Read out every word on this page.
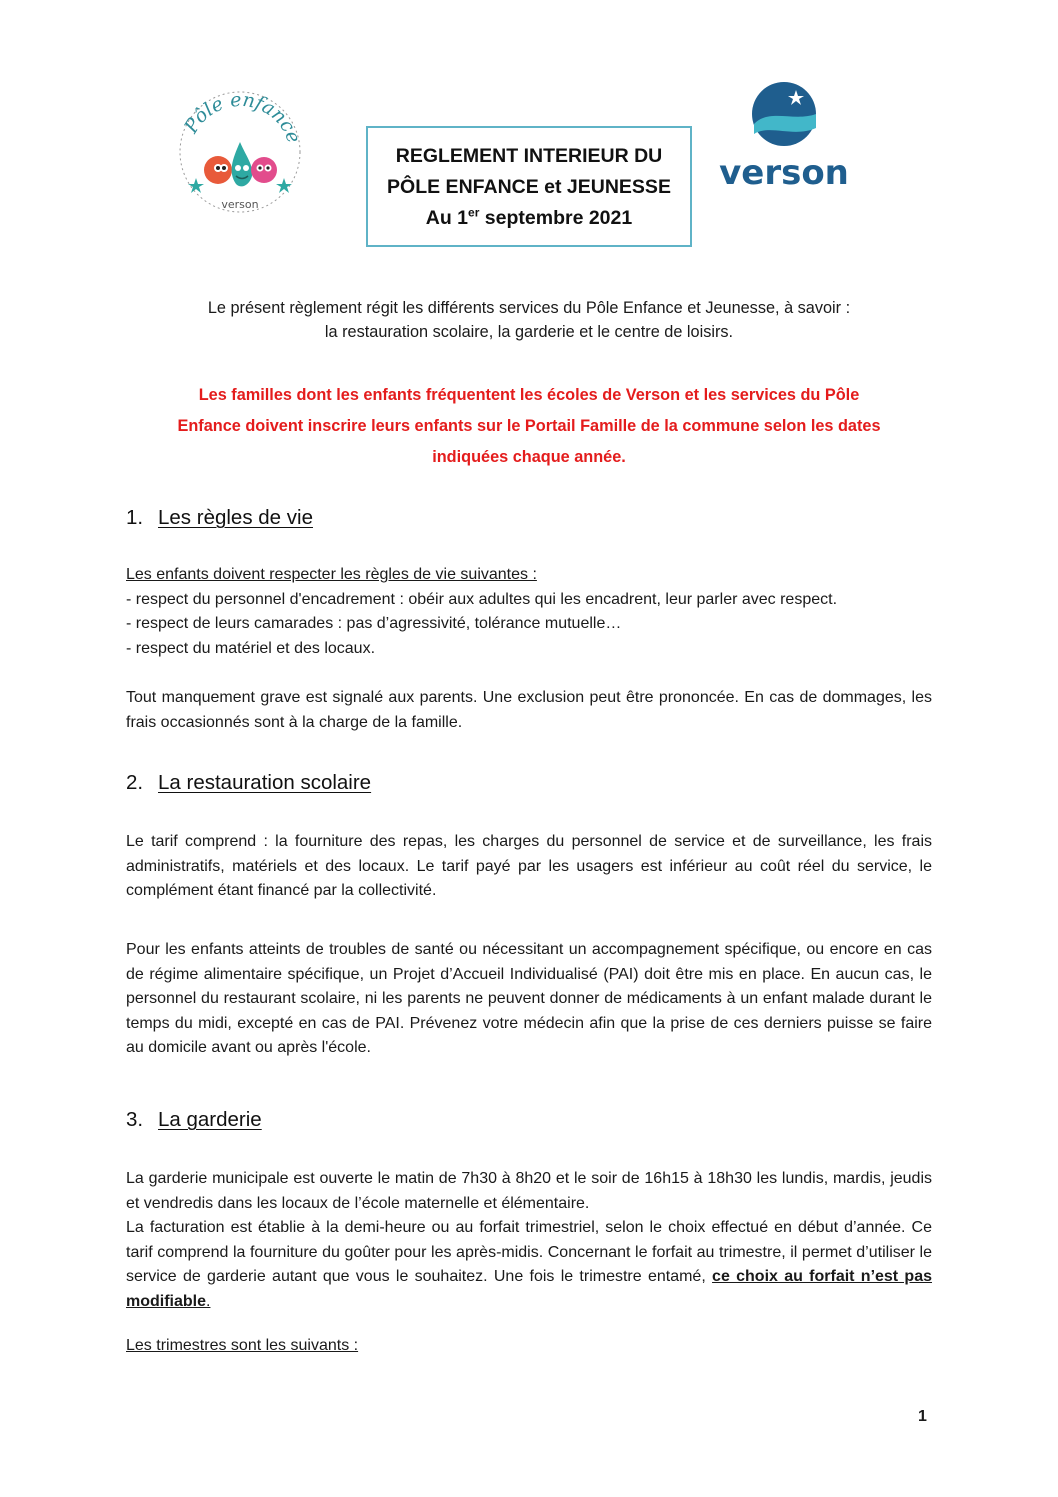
Pôle enfance
verson
verson
REGLEMENT INTERIEUR DU
PÔLE ENFANCE et JEUNESSE
Au 1er septembre 2021
Le présent règlement régit les différents services du Pôle Enfance et Jeunesse, à savoir :
la restauration scolaire, la garderie et le centre de loisirs.
Les familles dont les enfants fréquentent les écoles de Verson et les services du Pôle
Enfance doivent inscrire leurs enfants sur le Portail Famille de la commune selon les dates
indiquées chaque année.
1. Les règles de vie
Les enfants doivent respecter les règles de vie suivantes :
- respect du personnel d'encadrement : obéir aux adultes qui les encadrent, leur parler avec respect.
- respect de leurs camarades : pas d’agressivité, tolérance mutuelle…
- respect du matériel et des locaux.
Tout manquement grave est signalé aux parents. Une exclusion peut être prononcée. En cas de dommages, les frais occasionnés sont à la charge de la famille.
2. La restauration scolaire
Le tarif comprend : la fourniture des repas, les charges du personnel de service et de surveillance, les frais administratifs, matériels et des locaux. Le tarif payé par les usagers est inférieur au coût réel du service, le complément étant financé par la collectivité.
Pour les enfants atteints de troubles de santé ou nécessitant un accompagnement spécifique, ou encore en cas de régime alimentaire spécifique, un Projet d’Accueil Individualisé (PAI) doit être mis en place. En aucun cas, le personnel du restaurant scolaire, ni les parents ne peuvent donner de médicaments à un enfant malade durant le temps du midi, excepté en cas de PAI. Prévenez votre médecin afin que la prise de ces derniers puisse se faire au domicile avant ou après l'école.
3. La garderie
La garderie municipale est ouverte le matin de 7h30 à 8h20 et le soir de 16h15 à 18h30 les lundis, mardis, jeudis et vendredis dans les locaux de l’école maternelle et élémentaire.
La facturation est établie à la demi-heure ou au forfait trimestriel, selon le choix effectué en début d’année. Ce tarif comprend la fourniture du goûter pour les après-midis. Concernant le forfait au trimestre, il permet d’utiliser le service de garderie autant que vous le souhaitez. Une fois le trimestre entamé, ce choix au forfait n’est pas modifiable.
Les trimestres sont les suivants :
1
